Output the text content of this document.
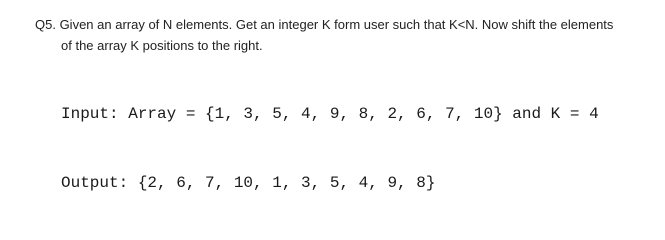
Q5. Given an array of N elements. Get an integer K form user such that K<N. Now shift the elements
of the array K positions to the right.

Input: Array = {1, 3, 5, 4, 9, 8, 2, 6, 7, 10} and K = 4

Output: {2, 6, 7, 10, 1, 3, 5, 4, 9, 8}
